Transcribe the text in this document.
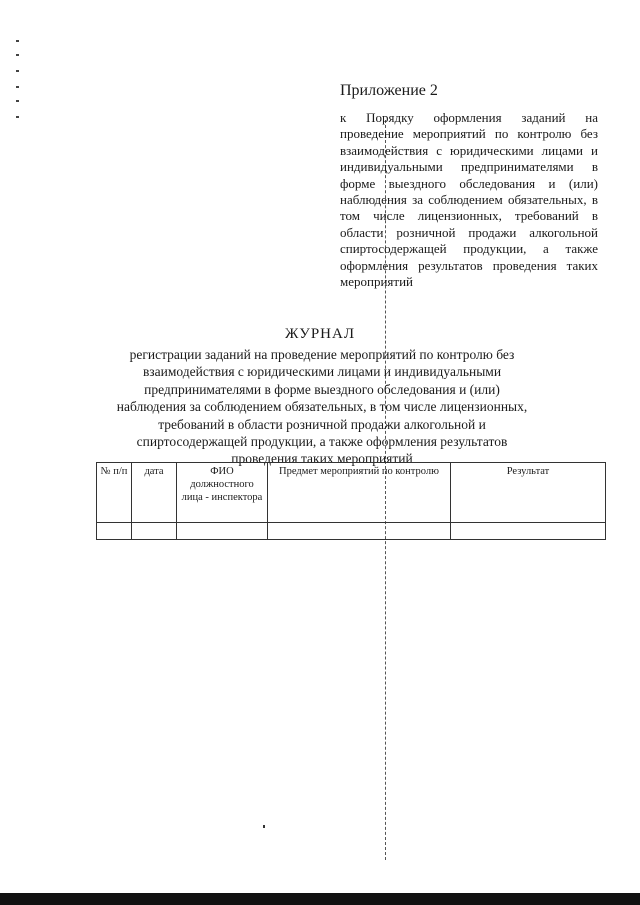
Приложение 2

к Порядку оформления заданий на проведение мероприятий по контролю без взаимодействия с юридическими лицами и индивидуальными предпринимателями в форме выездного обследования и (или) наблюдения за соблюдением обязательных, в том числе лицензионных, требований в области розничной продажи алкогольной спиртосодержащей продукции, а также оформления результатов проведения таких мероприятий

ЖУРНАЛ

регистрации заданий на проведение мероприятий по контролю без взаимодействия с юридическими лицами и индивидуальными предпринимателями в форме выездного обследования и (или) наблюдения за соблюдением обязательных, в том числе лицензионных, требований в области розничной продажи алкогольной и спиртосодержащей продукции, а также оформления результатов проведения таких мероприятий

№ п/п	дата	ФИО должностного лица - инспектора	Предмет мероприятий по контролю	Результат
